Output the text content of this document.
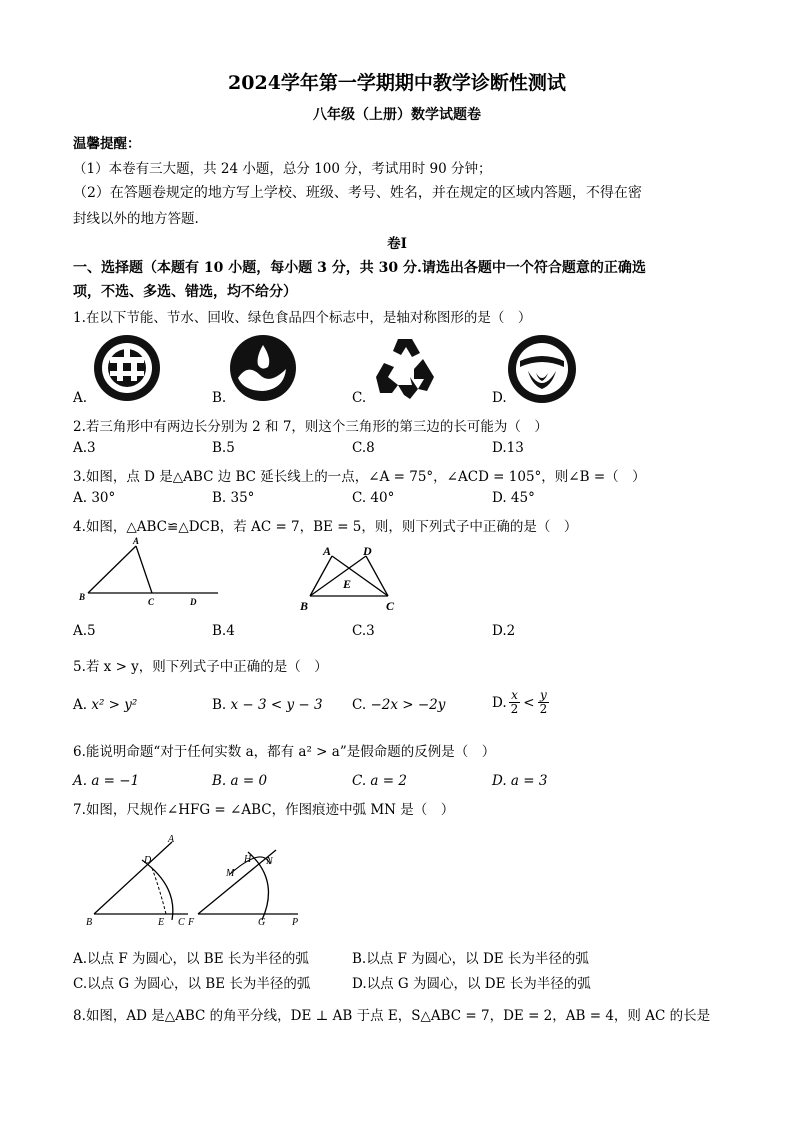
2024学年第一学期期中教学诊断性测试
八年级（上册）数学试题卷
温馨提醒：
（1）本卷有三大题，共 24 小题，总分 100 分，考试用时 90 分钟；
（2）在答题卷规定的地方写上学校、班级、考号、姓名，并在规定的区域内答题，不得在密
封线以外的地方答题.
卷Ⅰ
一、选择题（本题有 10 小题，每小题 3 分，共 30 分.请选出各题中一个符合题意的正确选
项，不选、多选、错选，均不给分）
1.在以下节能、节水、回收、绿色食品四个标志中，是轴对称图形的是（　）
A.	B.	C.	D.
2.若三角形中有两边长分别为 2 和 7，则这个三角形的第三边的长可能为（　）
A.3	B.5	C.8	D.13
3.如图，点 D 是△ABC 边 BC 延长线上的一点，∠A = 75°，∠ACD = 105°，则∠B =（　）
A. 30°	B. 35°	C. 40°	D. 45°
4.如图，△ABC≌△DCB，若 AC = 7，BE = 5，则，则下列式子中正确的是（　）
A
B	C	D
A	D
E
B	C
A.5	B.4	C.3	D.2
5.若 x > y，则下列式子中正确的是（　）
A. x² > y²	B. x − 3 < y − 3 C. −2x > −2y	D. $\frac{x}{2} < \frac{y}{2}$
6.能说明命题“对于任何实数 a，都有 a² > a”是假命题的反例是（　）
A. a = −1	B. a = 0	C. a = 2	D. a = 3
7.如图，尺规作∠HFG = ∠ABC，作图痕迹中弧 MN 是（　）
A
D
B	E C
H N
M
F	G	P
A.以点 F 为圆心，以 BE 长为半径的弧	B.以点 F 为圆心，以 DE 长为半径的弧
C.以点 G 为圆心，以 BE 长为半径的弧	D.以点 G 为圆心，以 DE 长为半径的弧
8.如图，AD 是△ABC 的角平分线，DE ⊥ AB 于点 E，S△ABC = 7，DE = 2，AB = 4，则 AC 的长是
